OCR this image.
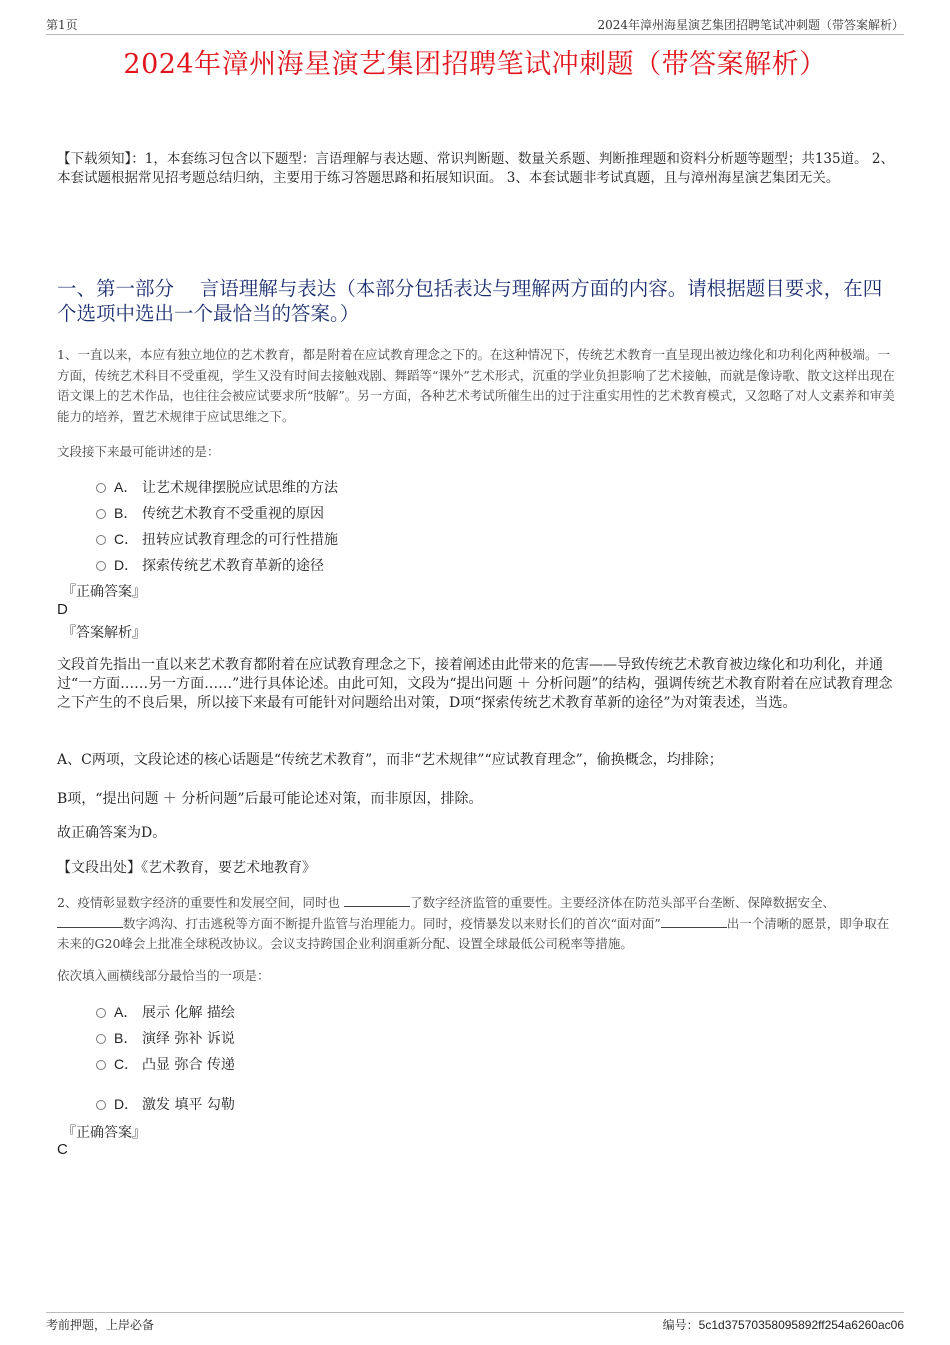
第1页	2024年漳州海星演艺集团招聘笔试冲刺题（带答案解析）
2024年漳州海星演艺集团招聘笔试冲刺题（带答案解析）
【下载须知】：1，本套练习包含以下题型：言语理解与表达题、常识判断题、数量关系题、判断推理题和资料分析题等题型；共135道。 2、本套试题根据常见招考题总结归纳，主要用于练习答题思路和拓展知识面。 3、本套试题非考试真题，且与漳州海星演艺集团无关。
一、第一部分　 言语理解与表达（本部分包括表达与理解两方面的内容。请根据题目要求，在四个选项中选出一个最恰当的答案。）
1、一直以来，本应有独立地位的艺术教育，都是附着在应试教育理念之下的。在这种情况下，传统艺术教育一直呈现出被边缘化和功利化两种极端。一方面，传统艺术科目不受重视，学生又没有时间去接触戏剧、舞蹈等“课外”艺术形式，沉重的学业负担影响了艺术接触，而就是像诗歌、散文这样出现在语文课上的艺术作品，也往往会被应试要求所“肢解”。另一方面，各种艺术考试所催生出的过于注重实用性的艺术教育模式，又忽略了对人文素养和审美能力的培养，置艺术规律于应试思维之下。
文段接下来最可能讲述的是：
A． 让艺术规律摆脱应试思维的方法
B． 传统艺术教育不受重视的原因
C． 扭转应试教育理念的可行性措施
D． 探索传统艺术教育革新的途径
『正确答案』
D
『答案解析』
文段首先指出一直以来艺术教育都附着在应试教育理念之下，接着阐述由此带来的危害——导致传统艺术教育被边缘化和功利化，并通过“一方面……另一方面……”进行具体论述。由此可知，文段为“提出问题 ＋ 分析问题”的结构，强调传统艺术教育附着在应试教育理念之下产生的不良后果，所以接下来最有可能针对问题给出对策，D项“探索传统艺术教育革新的途径”为对策表述，当选。
A、C两项，文段论述的核心话题是“传统艺术教育”，而非“艺术规律”“应试教育理念”，偷换概念，均排除；
B项，“提出问题 ＋ 分析问题”后最可能论述对策，而非原因，排除。
故正确答案为D。
【文段出处】《艺术教育，要艺术地教育》
2、疫情彰显数字经济的重要性和发展空间，同时也	了数字经济监管的重要性。主要经济体在防范头部平台垄断、保障数据安全、数字鸿沟、打击逃税等方面不断提升监管与治理能力。同时，疫情暴发以来财长们的首次“面对面”	出一个清晰的愿景，即争取在未来的G20峰会上批准全球税改协议。会议支持跨国企业利润重新分配、设置全球最低公司税率等措施。
依次填入画横线部分最恰当的一项是：
A． 展示 化解 描绘
B． 演绎 弥补 诉说
C． 凸显 弥合 传递
D． 激发 填平 勾勒
『正确答案』
C
考前押题，上岸必备	编号：5c1d37570358095892ff254a6260ac06
